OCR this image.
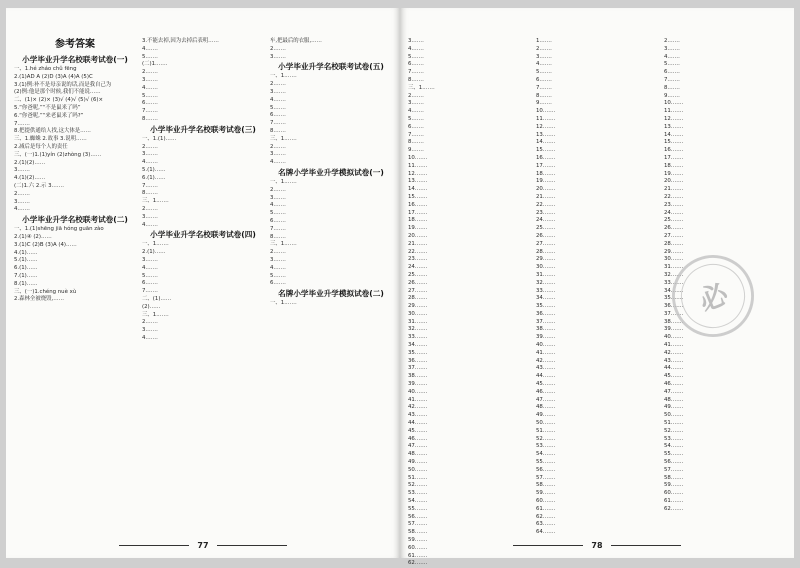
参考答案
小学毕业升学名校联考试卷(一)
一、1.hé zháo chǔ fēng
2.(1)AD A (2)D (3)A (4)A (5)C
3.(1)例:补不是母亲说的话,而是我自己为
(2)例:他是那个时候,我们不能说……
二、(1)× (2)× (3)√ (4)√ (5)√ (6)×
5.“你爸呢,”“不是鼠米了吗”
6.“你爸呢,”“来老鼠米了吗?”
7.……
8.把提供通给人找,这大体是……
三、1.蜘蛛 2.故事 3.说明……
2.减后是每个人的责任
三、(一)1.(1)yín (2)zhòng (3)……
2.(1)(2)……
3.……
4.(1)(2)……
(二)1.六 2.示 3.……
2.……
3.……
4.……
小学毕业升学名校联考试卷(二)
一、1.(1)shēng jiā hóng guān zào
2.(1)④ (2)……
3.(1)C (2)B (3)A (4)……
4.(1)……
5.(1)……
6.(1)……
7.(1)……
8.(1)……
三、(一)1.chéng nuè xù
2.森林全被烧毁,……
3.不能去掉,因为去掉后表明……
4.……
5.……
(二)1.……
2.……
3.……
4.……
5.……
6.……
7.……
8.……
小学毕业升学名校联考试卷(三)
一、1.(1)……
2.……
3.……
4.……
5.(1)……
6.(1)……
7.……
8.……
三、1.……
2.……
3.……
4.……
小学毕业升学名校联考试卷(四)
一、1.……
2.(1)……
3.……
4.……
5.……
6.……
7.……
二、(1)……
(2)……
三、1.……
2.……
3.……
4.……
车,把最后的衣服,……
2.……
3.……
小学毕业升学名校联考试卷(五)
一、1.……
2.……
3.……
4.……
5.……
6.……
7.……
8.……
三、1.……
2.……
3.……
4.……
名牌小学毕业升学模拟试卷(一)
一、1.……
2.……
3.……
4.……
5.……
6.……
7.……
8.……
三、1.……
2.……
3.……
4.……
5.……
6.……
名牌小学毕业升学模拟试卷(二)
一、1.……
77
3.……
4.……
5.……
6.……
7.……
8.……
三、1.……
2.……
3.……
4.……
5.……
6.……
7.……
8.……
9.……
10.……
11.……
12.……
13.……
14.……
15.……
16.……
17.……
18.……
19.……
20.……
21.……
22.……
23.……
24.……
25.……
26.……
27.……
28.……
29.……
30.……
31.……
32.……
33.……
34.……
35.……
36.……
37.……
38.……
39.……
40.……
41.……
42.……
43.……
44.……
45.……
46.……
47.……
48.……
49.……
50.……
51.……
52.……
53.……
54.……
55.……
56.……
57.……
58.……
59.……
60.……
61.……
62.……
1.……
2.……
3.……
4.……
5.……
6.……
7.……
8.……
9.……
10.……
11.……
12.……
13.……
14.……
15.……
16.……
17.……
18.……
19.……
20.……
21.……
22.……
23.……
24.……
25.……
26.……
27.……
28.……
29.……
30.……
31.……
32.……
33.……
34.……
35.……
36.……
37.……
38.……
39.……
40.……
41.……
42.……
43.……
44.……
45.……
46.……
47.……
48.……
49.……
50.……
51.……
52.……
53.……
54.……
55.……
56.……
57.……
58.……
59.……
60.……
61.……
62.……
63.……
64.……
2.……
3.……
4.……
5.……
6.……
7.……
8.……
9.……
10.……
11.……
12.……
13.……
14.……
15.……
16.……
17.……
18.……
19.……
20.……
21.……
22.……
23.……
24.……
25.……
26.……
27.……
28.……
29.……
30.……
31.……
32.……
33.……
34.……
35.……
36.……
37.……
38.……
39.……
40.……
41.……
42.……
43.……
44.……
45.……
46.……
47.……
48.……
49.……
50.……
51.……
52.……
53.……
54.……
55.……
56.……
57.……
58.……
59.……
60.……
61.……
62.……
必
78
